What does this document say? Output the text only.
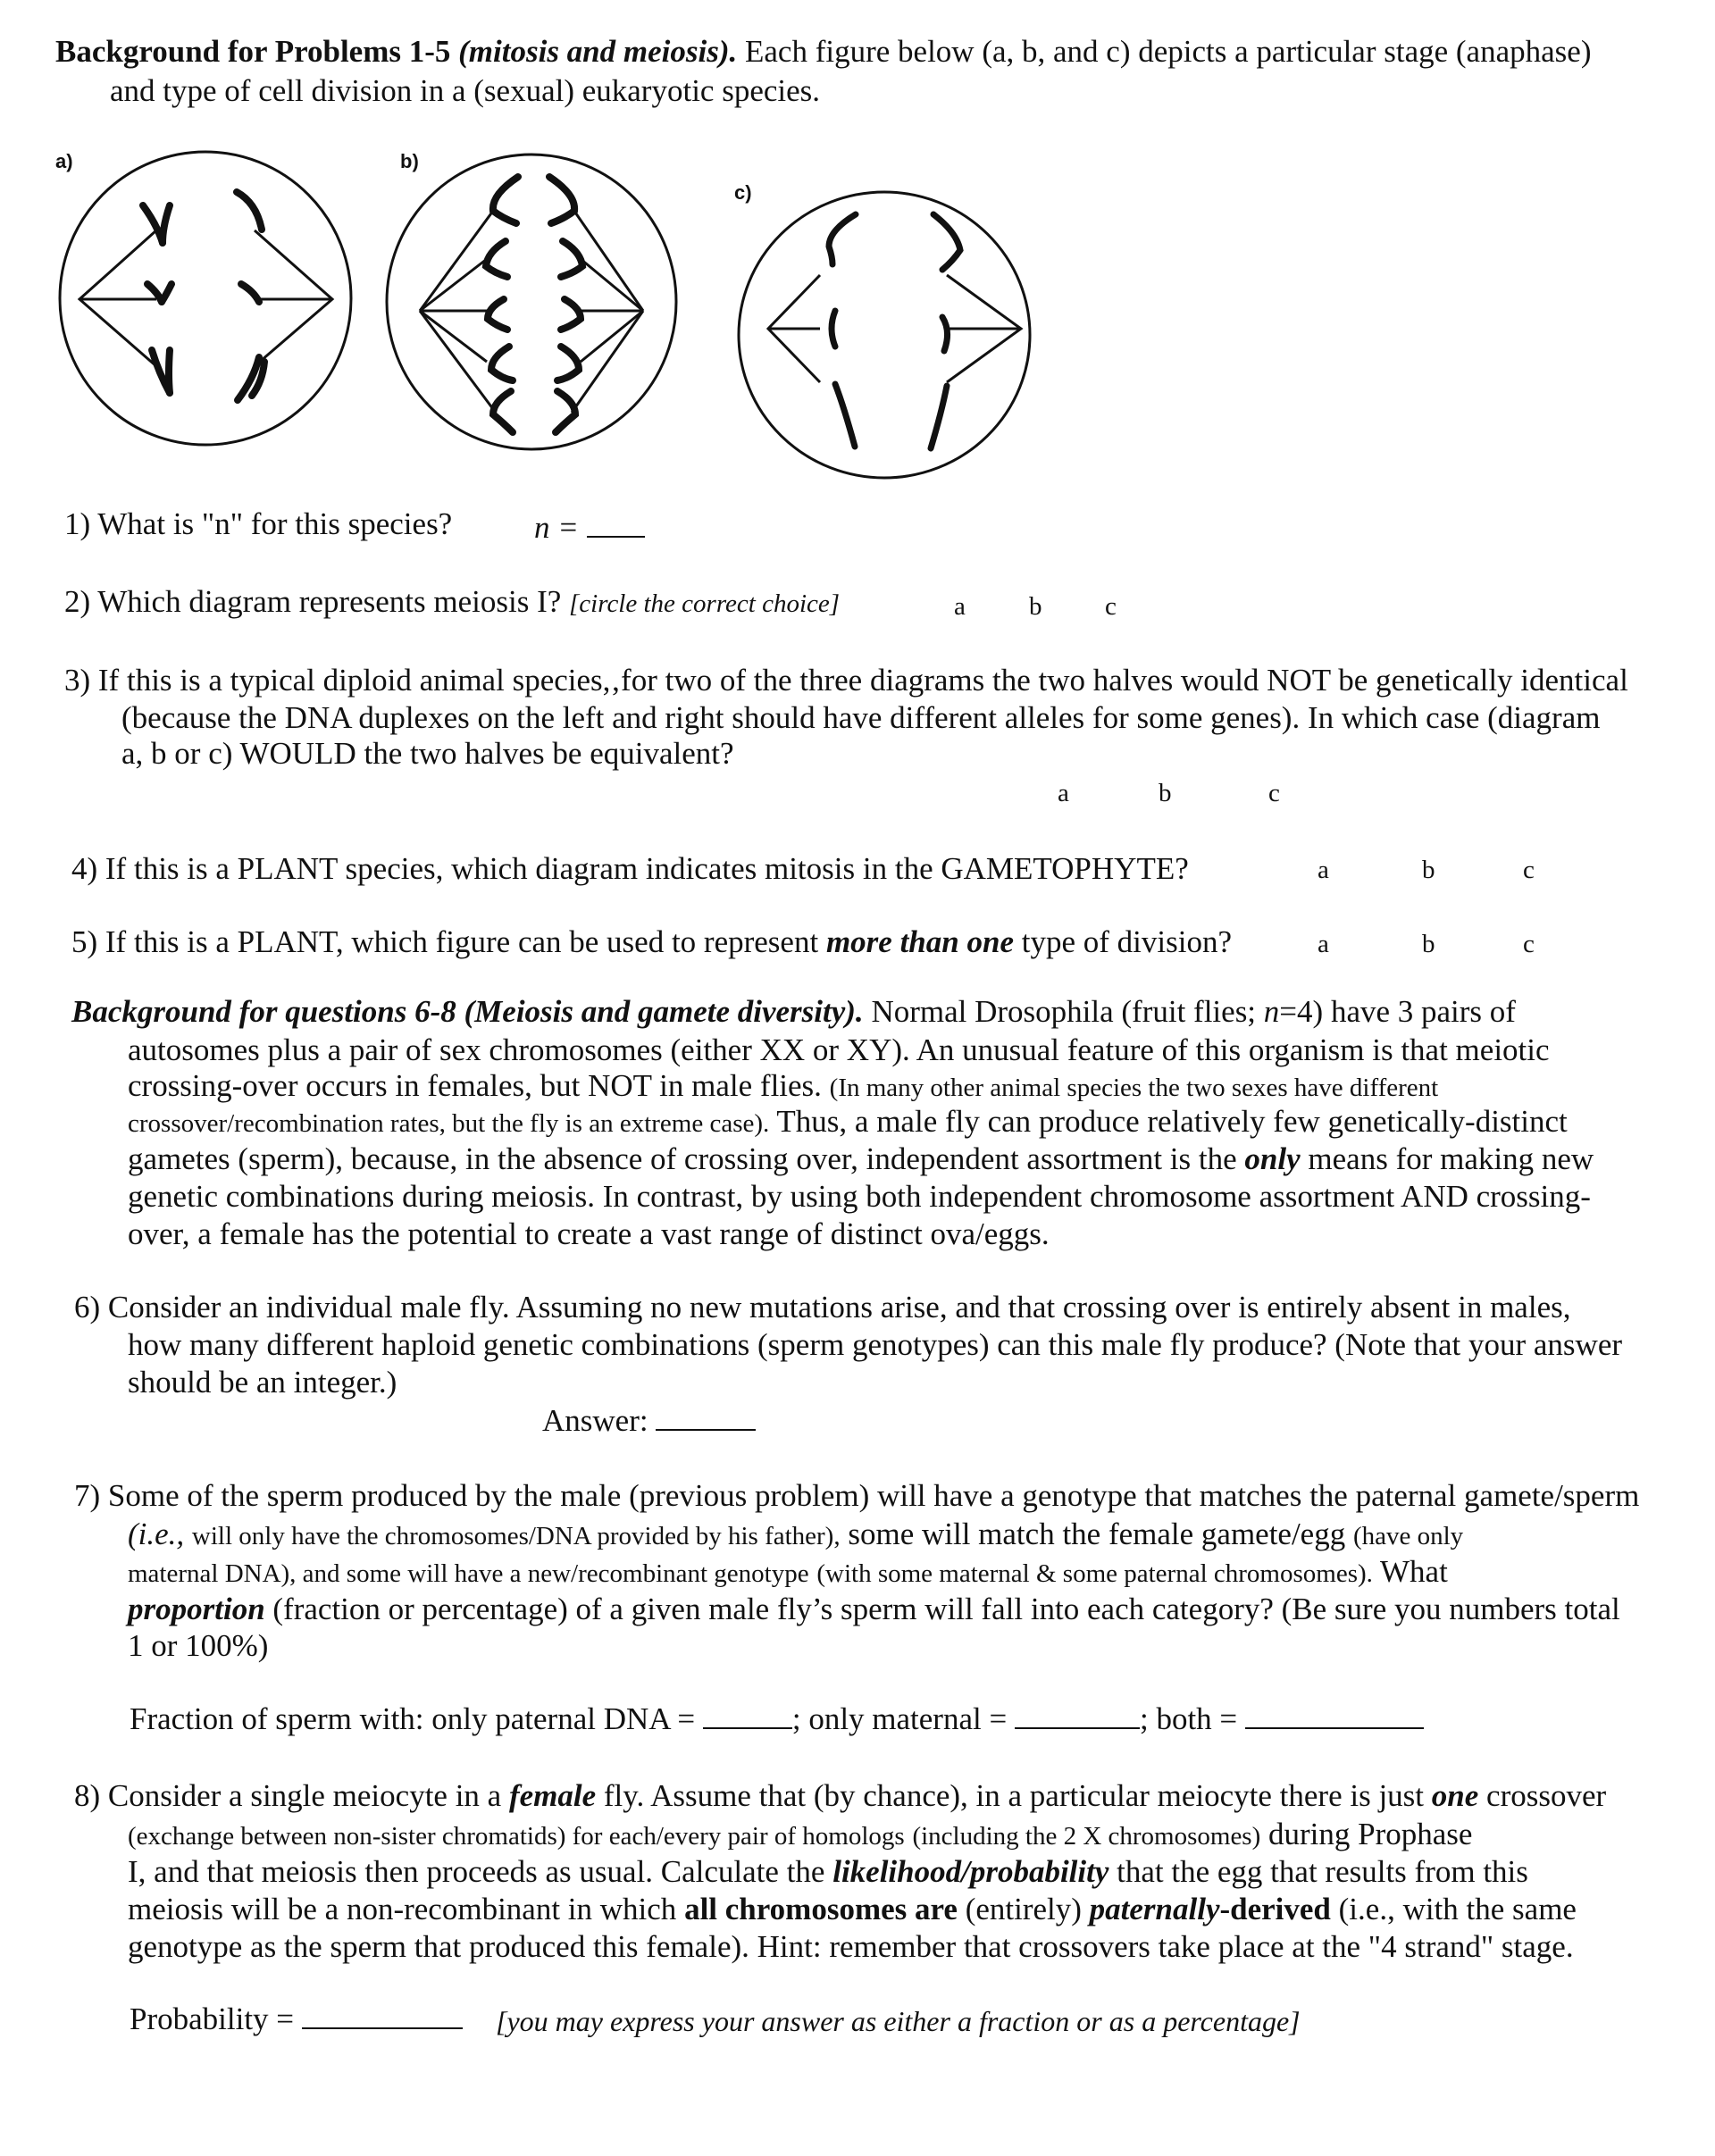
Background for Problems 1-5 (mitosis and meiosis). Each figure below (a, b, and c) depicts a particular stage (anaphase)
and type of cell division in a (sexual) eukaryotic species.
a)	b)
c)
1) What is "n" for this species?	n =
2) Which diagram represents meiosis I? [circle the correct choice]	a b c
3) If this is a typical diploid animal species,‚for two of the three diagrams the two halves would NOT be genetically identical
(because the DNA duplexes on the left and right should have different alleles for some genes). In which case (diagram
a, b or c) WOULD the two halves be equivalent?
a	b	c
4) If this is a PLANT species, which diagram indicates mitosis in the GAMETOPHYTE?	a	b	c
5) If this is a PLANT, which figure can be used to represent more than one type of division?	a	b	c
Background for questions 6-8 (Meiosis and gamete diversity). Normal Drosophila (fruit flies; n=4) have 3 pairs of
autosomes plus a pair of sex chromosomes (either XX or XY). An unusual feature of this organism is that meiotic
crossing-over occurs in females, but NOT in male flies. (In many other animal species the two sexes have different
crossover/recombination rates, but the fly is an extreme case). Thus, a male fly can produce relatively few genetically-distinct
gametes (sperm), because, in the absence of crossing over, independent assortment is the only means for making new
genetic combinations during meiosis. In contrast, by using both independent chromosome assortment AND crossing-
over, a female has the potential to create a vast range of distinct ova/eggs.
6) Consider an individual male fly. Assuming no new mutations arise, and that crossing over is entirely absent in males,
how many different haploid genetic combinations (sperm genotypes) can this male fly produce? (Note that your answer
should be an integer.)
Answer:
7) Some of the sperm produced by the male (previous problem) will have a genotype that matches the paternal gamete/sperm
(i.e., will only have the chromosomes/DNA provided by his father), some will match the female gamete/egg (have only
maternal DNA), and some will have a new/recombinant genotype (with some maternal & some paternal chromosomes). What
proportion (fraction or percentage) of a given male fly’s sperm will fall into each category? (Be sure you numbers total
1 or 100%)
Fraction of sperm with: only paternal DNA =	; only maternal =	; both =
8) Consider a single meiocyte in a female fly. Assume that (by chance), in a particular meiocyte there is just one crossover
(exchange between non-sister chromatids) for each/every pair of homologs (including the 2 X chromosomes) during Prophase
I, and that meiosis then proceeds as usual. Calculate the likelihood/probability that the egg that results from this
meiosis will be a non-recombinant in which all chromosomes are (entirely) paternally-derived (i.e., with the same
genotype as the sperm that produced this female). Hint: remember that crossovers take place at the "4 strand" stage.
Probability =	[you may express your answer as either a fraction or as a percentage]
